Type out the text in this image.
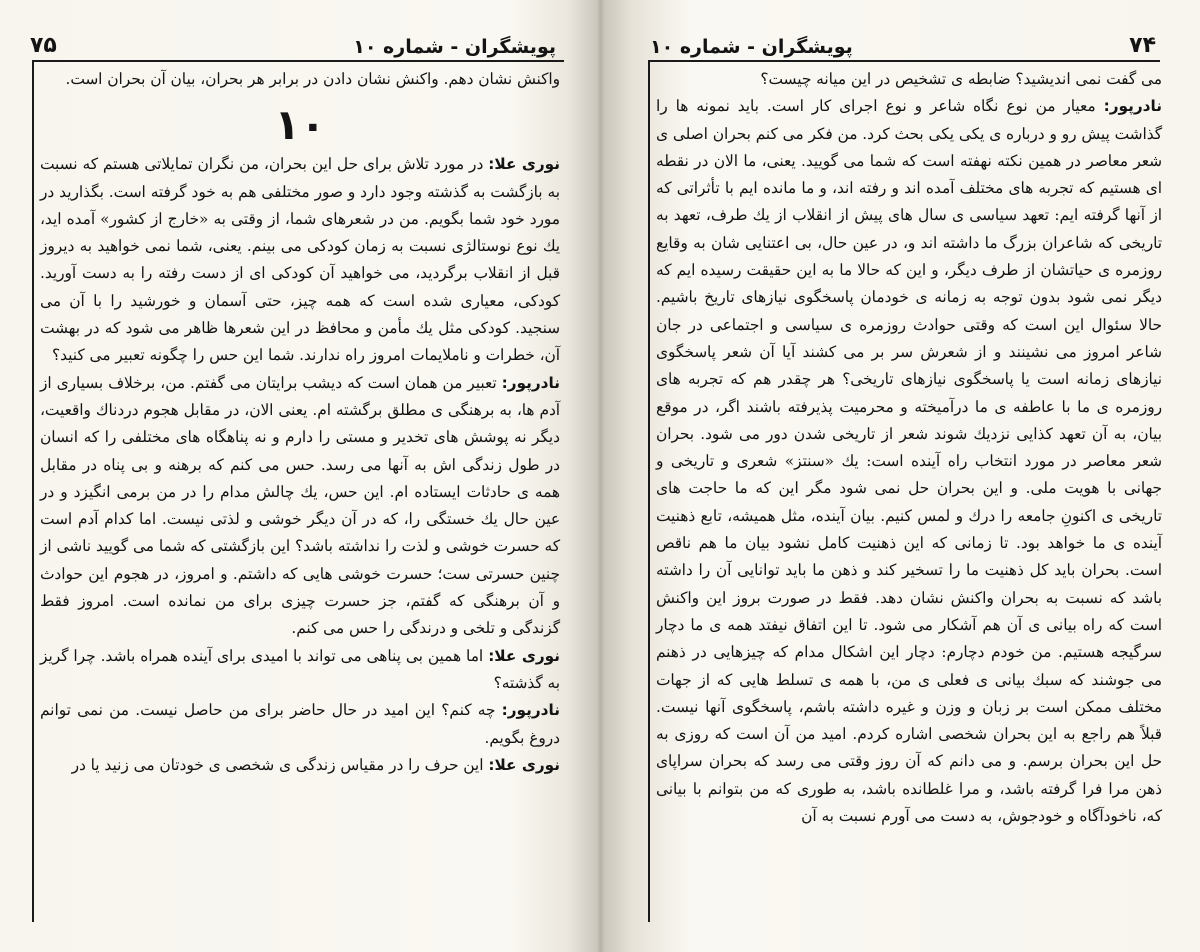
۷۵	پویشگران - شماره ۱۰

واکنش نشان دهم. واکنش نشان دادن در برابر هر بحران، بیان آن بحران است.

۱۰

نوری علا: در مورد تلاش برای حل این بحران، من نگران تمایلاتی هستم که نسبت به بازگشت به گذشته وجود دارد و صور مختلفی هم به خود گرفته است. بگذارید در مورد خود شما بگویم. من در شعرهای شما، از وقتی به «خارج از کشور» آمده اید، یك نوع نوستالژی نسبت به زمان کودکی می بینم. یعنی، شما نمی خواهید به دیروز قبل از انقلاب برگردید، می خواهید آن کودکی ای از دست رفته را به دست آورید. کودکی، معیاری شده است که همه چیز، حتی آسمان و خورشید را با آن می سنجید. کودکی مثل یك مأمن و محافظ در این شعرها ظاهر می شود که در بهشت آن، خطرات و ناملایمات امروز راه ندارند. شما این حس را چگونه تعبیر می کنید؟

نادرپور: تعبیر من همان است که دیشب برایتان می گفتم. من، برخلاف بسیاری از آدم ها، به برهنگی ی مطلق برگشته ام. یعنی الان، در مقابل هجوم دردناك واقعیت، دیگر نه پوشش های تخدیر و مستی را دارم و نه پناهگاه های مختلفی را که انسان در طول زندگی اش به آنها می رسد. حس می کنم که برهنه و بی پناه در مقابل همه ی حادثات ایستاده ام. این حس، یك چالش مدام را در من برمی انگیزد و در عین حال یك خستگی را، که در آن دیگر خوشی و لذتی نیست. اما کدام آدم است که حسرت خوشی و لذت را نداشته باشد؟ این بازگشتی که شما می گویید ناشی از چنین حسرتی ست؛ حسرت خوشی هایی که داشتم. و امروز، در هجوم این حوادث و آن برهنگی که گفتم، جز حسرت چیزی برای من نمانده است. امروز فقط گزندگی و تلخی و درندگی را حس می کنم.

نوری علا: اما همین بی پناهی می تواند با امیدی برای آینده همراه باشد. چرا گریز به گذشته؟

نادرپور: چه کنم؟ این امید در حال حاضر برای من حاصل نیست. من نمی توانم دروغ بگویم.

نوری علا: این حرف را در مقیاس زندگی ی شخصی ی خودتان می زنید یا در

پویشگران - شماره ۱۰	۷۴

می گفت نمی اندیشید؟ ضابطه ی تشخیص در این میانه چیست؟

نادرپور: معیار من نوع نگاه شاعر و نوع اجرای کار است. باید نمونه ها را گذاشت پیش رو و درباره ی یکی یکی بحث کرد. من فکر می کنم بحران اصلی ی شعر معاصر در همین نکته نهفته است که شما می گویید. یعنی، ما الان در نقطه ای هستیم که تجربه های مختلف آمده اند و رفته اند، و ما مانده ایم با تأثراتی که از آنها گرفته ایم: تعهد سیاسی ی سال های پیش از انقلاب از یك طرف، تعهد به تاریخی که شاعران بزرگ ما داشته اند و، در عین حال، بی اعتنایی شان به وقایع روزمره ی حیاتشان از طرف دیگر، و این که حالا ما به این حقیقت رسیده ایم که دیگر نمی شود بدون توجه به زمانه ی خودمان پاسخگوی نیازهای تاریخ باشیم. حالا سئوال این است که وقتی حوادث روزمره ی سیاسی و اجتماعی در جان شاعر امروز می نشینند و از شعرش سر بر می کشند آیا آن شعر پاسخگوی نیازهای زمانه است یا پاسخگوی نیازهای تاریخی؟ هر چقدر هم که تجربه های روزمره ی ما با عاطفه ی ما درآمیخته و محرمیت پذیرفته باشند اگر، در موقع بیان، به آن تعهد کذایی نزدیك شوند شعر از تاریخی شدن دور می شود. بحران شعر معاصر در مورد انتخاب راه آینده است: یك «سنتز» شعری و تاریخی و جهانی با هویت ملی. و این بحران حل نمی شود مگر این که ما حاجت های تاریخی ی اکنونِ جامعه را درك و لمس کنیم. بیان آینده، مثل همیشه، تابع ذهنیت آینده ی ما خواهد بود. تا زمانی که این ذهنیت کامل نشود بیان ما هم ناقص است. بحران باید کل ذهنیت ما را تسخیر کند و ذهن ما باید توانایی آن را داشته باشد که نسبت به بحران واکنش نشان دهد. فقط در صورت بروز این واکنش است که راه بیانی ی آن هم آشکار می شود. تا این اتفاق نیفتد همه ی ما دچار سرگیجه هستیم. من خودم دچارم: دچار این اشکال مدام که چیزهایی در ذهنم می جوشند که سبك بیانی ی فعلی ی من، با همه ی تسلط هایی که از جهات مختلف ممکن است بر زبان و وزن و غیره داشته باشم، پاسخگوی آنها نیست. قبلاً هم راجع به این بحران شخصی اشاره کردم. امید من آن است که روزی به حل این بحران برسم. و می دانم که آن روز وقتی می رسد که بحران سراپای ذهن مرا فرا گرفته باشد، و مرا غلطانده باشد، به طوری که من بتوانم با بیانی که، ناخودآگاه و خودجوش، به دست می آورم نسبت به آن
